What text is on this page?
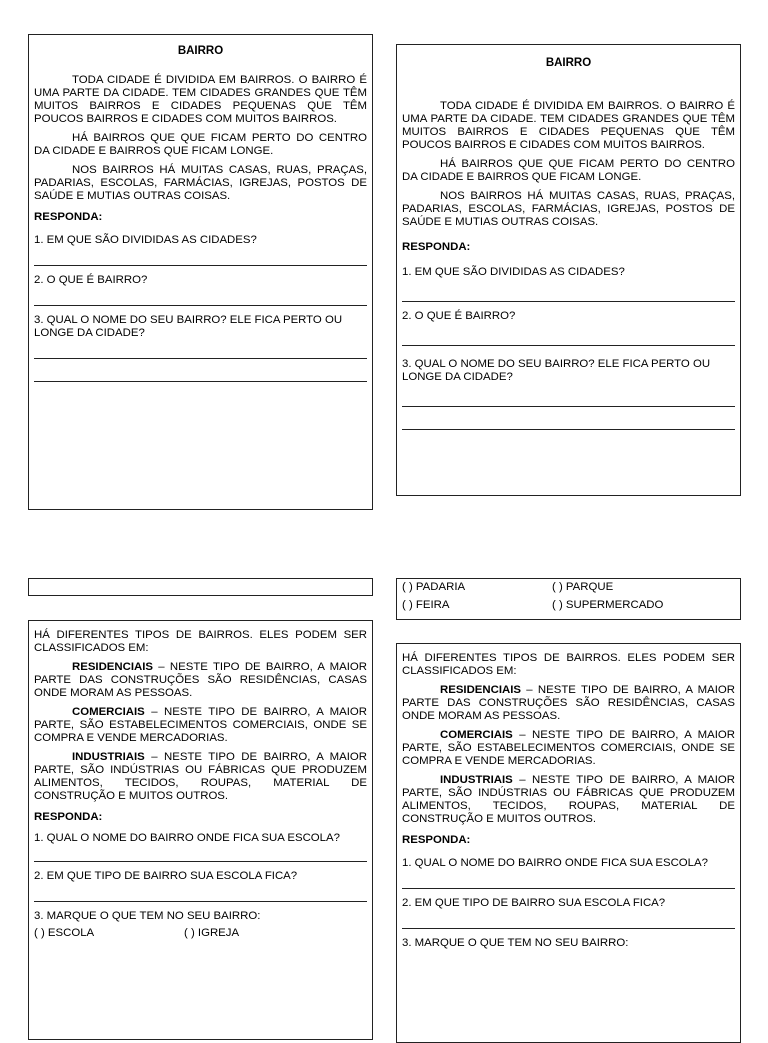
BAIRRO

TODA CIDADE É DIVIDIDA EM BAIRROS. O BAIRRO É UMA PARTE DA CIDADE. TEM CIDADES GRANDES QUE TÊM MUITOS BAIRROS E CIDADES PEQUENAS QUE TÊM POUCOS BAIRROS E CIDADES COM MUITOS BAIRROS.

HÁ BAIRROS QUE QUE FICAM PERTO DO CENTRO DA CIDADE E BAIRROS QUE FICAM LONGE.

NOS BAIRROS HÁ MUITAS CASAS, RUAS, PRAÇAS, PADARIAS, ESCOLAS, FARMÁCIAS, IGREJAS, POSTOS DE SAÚDE E MUTIAS OUTRAS COISAS.

RESPONDA:

1. EM QUE SÃO DIVIDIDAS AS CIDADES?

2. O QUE É BAIRRO?

3. QUAL O NOME DO SEU BAIRRO? ELE FICA PERTO OU LONGE DA CIDADE?

BAIRRO

TODA CIDADE É DIVIDIDA EM BAIRROS. O BAIRRO É UMA PARTE DA CIDADE. TEM CIDADES GRANDES QUE TÊM MUITOS BAIRROS E CIDADES PEQUENAS QUE TÊM POUCOS BAIRROS E CIDADES COM MUITOS BAIRROS.

HÁ BAIRROS QUE QUE FICAM PERTO DO CENTRO DA CIDADE E BAIRROS QUE FICAM LONGE.

NOS BAIRROS HÁ MUITAS CASAS, RUAS, PRAÇAS, PADARIAS, ESCOLAS, FARMÁCIAS, IGREJAS, POSTOS DE SAÚDE E MUTIAS OUTRAS COISAS.

RESPONDA:

1. EM QUE SÃO DIVIDIDAS AS CIDADES?

2. O QUE É BAIRRO?

3. QUAL O NOME DO SEU BAIRRO? ELE FICA PERTO OU LONGE DA CIDADE?

( ) PADARIA	( ) PARQUE
( ) FEIRA	( ) SUPERMERCADO

HÁ DIFERENTES TIPOS DE BAIRROS. ELES PODEM SER CLASSIFICADOS EM:

RESIDENCIAIS – NESTE TIPO DE BAIRRO, A MAIOR PARTE DAS CONSTRUÇÕES SÃO RESIDÊNCIAS, CASAS ONDE MORAM AS PESSOAS.

COMERCIAIS – NESTE TIPO DE BAIRRO, A MAIOR PARTE, SÃO ESTABELECIMENTOS COMERCIAIS, ONDE SE COMPRA E VENDE MERCADORIAS.

INDUSTRIAIS – NESTE TIPO DE BAIRRO, A MAIOR PARTE, SÃO INDÚSTRIAS OU FÁBRICAS QUE PRODUZEM ALIMENTOS, TECIDOS, ROUPAS, MATERIAL DE CONSTRUÇÃO E MUITOS OUTROS.

RESPONDA:

1. QUAL O NOME DO BAIRRO ONDE FICA SUA ESCOLA?

2. EM QUE TIPO DE BAIRRO SUA ESCOLA FICA?

3. MARQUE O QUE TEM NO SEU BAIRRO:

( ) ESCOLA	( ) IGREJA

HÁ DIFERENTES TIPOS DE BAIRROS. ELES PODEM SER CLASSIFICADOS EM:

RESIDENCIAIS – NESTE TIPO DE BAIRRO, A MAIOR PARTE DAS CONSTRUÇÕES SÃO RESIDÊNCIAS, CASAS ONDE MORAM AS PESSOAS.

COMERCIAIS – NESTE TIPO DE BAIRRO, A MAIOR PARTE, SÃO ESTABELECIMENTOS COMERCIAIS, ONDE SE COMPRA E VENDE MERCADORIAS.

INDUSTRIAIS – NESTE TIPO DE BAIRRO, A MAIOR PARTE, SÃO INDÚSTRIAS OU FÁBRICAS QUE PRODUZEM ALIMENTOS, TECIDOS, ROUPAS, MATERIAL DE CONSTRUÇÃO E MUITOS OUTROS.

RESPONDA:

1. QUAL O NOME DO BAIRRO ONDE FICA SUA ESCOLA?

2. EM QUE TIPO DE BAIRRO SUA ESCOLA FICA?

3. MARQUE O QUE TEM NO SEU BAIRRO:
